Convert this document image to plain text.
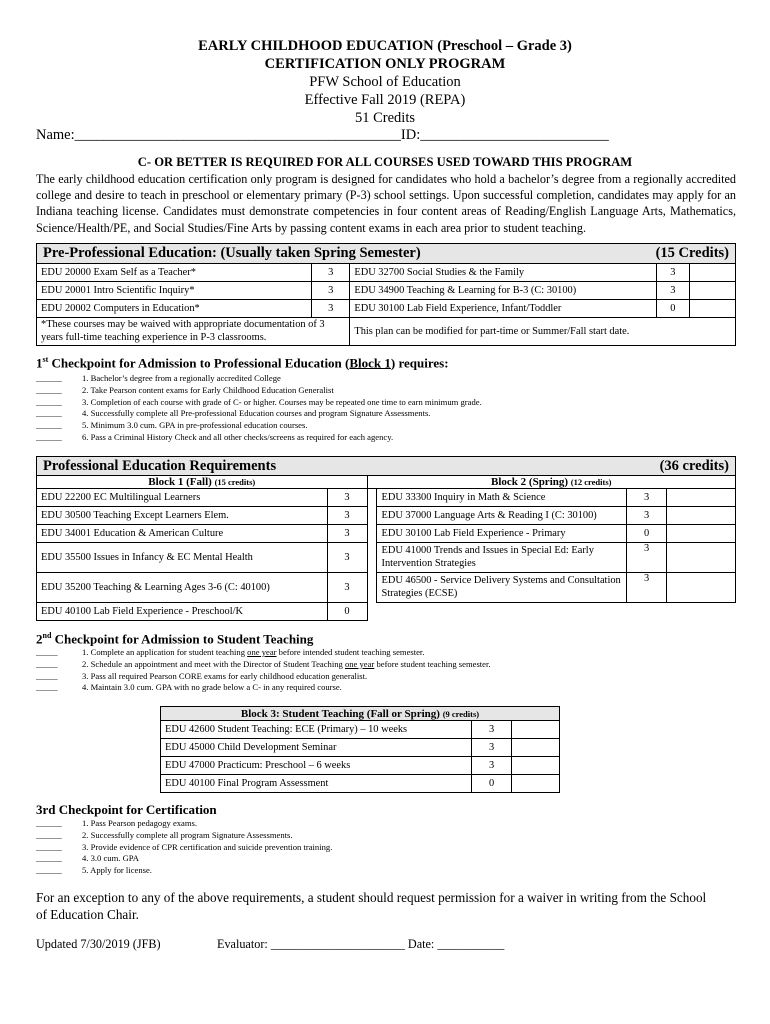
EARLY CHILDHOOD EDUCATION (Preschool – Grade 3)
CERTIFICATION ONLY PROGRAM
PFW School of Education
Effective Fall 2019 (REPA)
51 Credits
Name:_____________________________________________ID:__________________________
C- OR BETTER IS REQUIRED FOR ALL COURSES USED TOWARD THIS PROGRAM
The early childhood education certification only program is designed for candidates who hold a bachelor’s degree from a regionally accredited college and desire to teach in preschool or elementary primary (P-3) school settings. Upon successful completion, candidates may apply for an Indiana teaching license. Candidates must demonstrate competencies in four content areas of Reading/English Language Arts, Mathematics, Science/Health/PE, and Social Studies/Fine Arts by passing content exams in each area prior to student teaching.
Pre-Professional Education: (Usually taken Spring Semester) (15 Credits)				

EDU 20000 Exam Self as a Teacher*	3	EDU 32700 Social Studies & the Family	3	
EDU 20001 Intro Scientific Inquiry*	3	EDU 34900 Teaching & Learning for B-3 (C: 30100)	3	
EDU 20002 Computers in Education*	3	EDU 30100 Lab Field Experience, Infant/Toddler	0	
*These courses may be waived with appropriate documentation of 3 years full-time teaching experience in P-3 classrooms.		This plan can be modified for part-time or Summer/Fall start date.		
1st Checkpoint for Admission to Professional Education (Block 1) requires:
______ 1. Bachelor’s degree from a regionally accredited College
______ 2. Take Pearson content exams for Early Childhood Education Generalist
______ 3. Completion of each course with grade of C- or higher. Courses may be repeated one time to earn minimum grade.
______ 4. Successfully complete all Pre-professional Education courses and program Signature Assessments.
______ 5. Minimum 3.0 cum. GPA in pre-professional education courses.
______ 6. Pass a Criminal History Check and all other checks/screens as required for each agency.
Professional Education Requirements (36 credits)					

Block 1 (Fall) (15 credits)		Block 2 (Spring) (12 credits)			
EDU 22200 EC Multilingual Learners	3		EDU 33300 Inquiry in Math & Science	3	
EDU 30500 Teaching Except Learners Elem.	3		EDU 37000 Language Arts & Reading I (C: 30100)	3	
EDU 34001 Education & American Culture	3		EDU 30100 Lab Field Experience - Primary	0	
EDU 35500 Issues in Infancy & EC Mental Health	3		EDU 41000 Trends and Issues in Special Ed: Early Intervention Strategies	3	
EDU 35200 Teaching & Learning Ages 3-6 (C: 40100)	3		EDU 46500 - Service Delivery Systems and Consultation Strategies (ECSE)	3	
EDU 40100 Lab Field Experience - Preschool/K	0				
2nd Checkpoint for Admission to Student Teaching
_____	1. Complete an application for student teaching one year before intended student teaching semester.
_____	2. Schedule an appointment and meet with the Director of Student Teaching one year before student teaching semester.
_____	3. Pass all required Pearson CORE exams for early childhood education generalist.
_____	4. Maintain 3.0 cum. GPA with no grade below a C- in any required course.
Block 3: Student Teaching (Fall or Spring) (9 credits)		
EDU 42600 Student Teaching: ECE (Primary) – 10 weeks	3	
EDU 45000 Child Development Seminar	3	
EDU 47000 Practicum: Preschool – 6 weeks	3	
EDU 40100 Final Program Assessment	0	
3rd Checkpoint for Certification
______ 1. Pass Pearson pedagogy exams.
______ 2. Successfully complete all program Signature Assessments.
______ 3. Provide evidence of CPR certification and suicide prevention training.
______ 4. 3.0 cum. GPA
______ 5. Apply for license.
For an exception to any of the above requirements, a student should request permission for a waiver in writing from the School of Education Chair.
Updated 7/30/2019 (JFB)	Evaluator: ______________________ Date: ___________
